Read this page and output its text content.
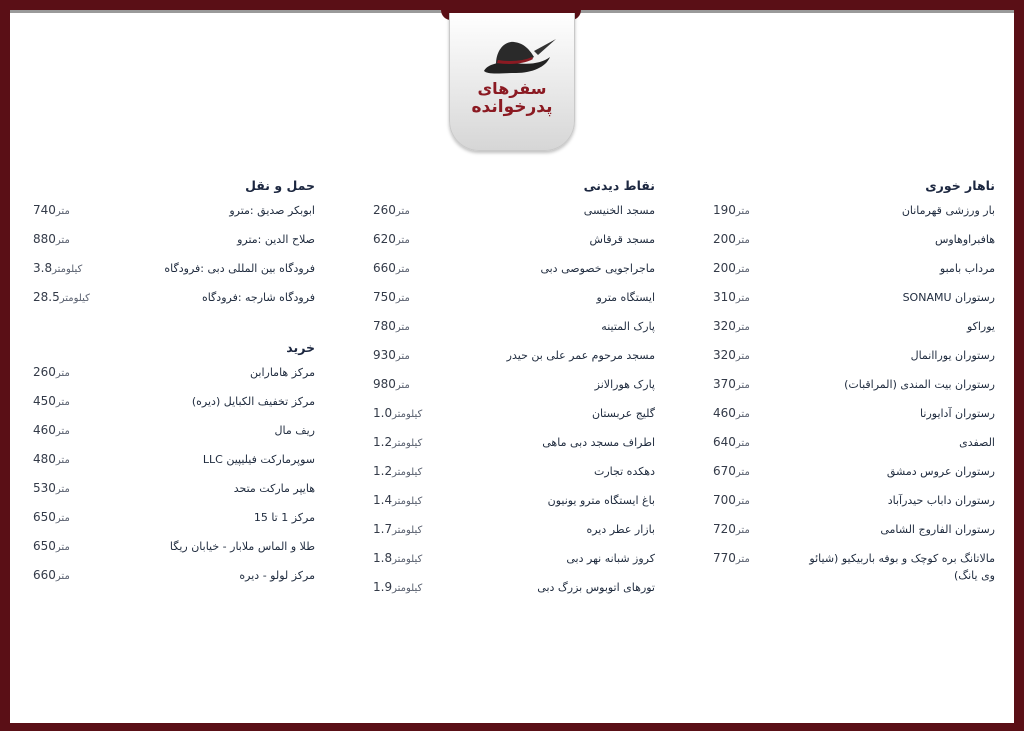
سفرهای
پدرخوانده
ناهار خوری
بار ورزشی قهرمانان
متر190
هافبراوهاوس
متر200
مرداب بامبو
متر200
رستوران SONAMU
متر310
یوراکو
متر320
رستوران یوراانمال
متر320
رستوران بیت المندی (المراقبات)
متر370
رستوران آدایورنا
متر460
الصفدی
متر640
رستوران عروس دمشق
متر670
رستوران داباب حیدرآباد
متر700
رستوران الفاروج الشامی
متر720
مالاتانگ بره کوچک و بوفه باربیکیو (شیائو وی یانگ)
متر770
نقاط دیدنی
مسجد الخنیسی
متر260
مسجد قرقاش
متر620
ماجراجویی خصوصی دبی
متر660
ایستگاه مترو
متر750
پارک المتینه
متر780
مسجد مرحوم عمر علی بن حیدر
متر930
پارک هورالانز
متر980
گلیج عربستان
کیلومتر1.0
اطراف مسجد دبی ماهی
کیلومتر1.2
دهکده تجارت
کیلومتر1.2
باغ ایستگاه مترو یونیون
کیلومتر1.4
بازار عطر دیره
کیلومتر1.7
کروز شبانه نهر دبی
کیلومتر1.8
تورهای اتوبوس بزرگ دبی
کیلومتر1.9
حمل و نقل
ابوبکر صدیق :مترو
متر740
صلاح الدین :مترو
متر880
فرودگاه بین المللی دبی :فرودگاه
کیلومتر3.8
فرودگاه شارجه :فرودگاه
کیلومتر28.5
خرید
مرکز هامارابن
متر260
مرکز تخفیف الکبایل (دیره)
متر450
ریف مال
متر460
سوپرمارکت فیلیپین LLC
متر480
هایپر مارکت متحد
متر530
مرکز 1 تا 15
متر650
طلا و الماس ملابار - خیابان ریگا
متر650
مرکز لولو - دیره
متر660
